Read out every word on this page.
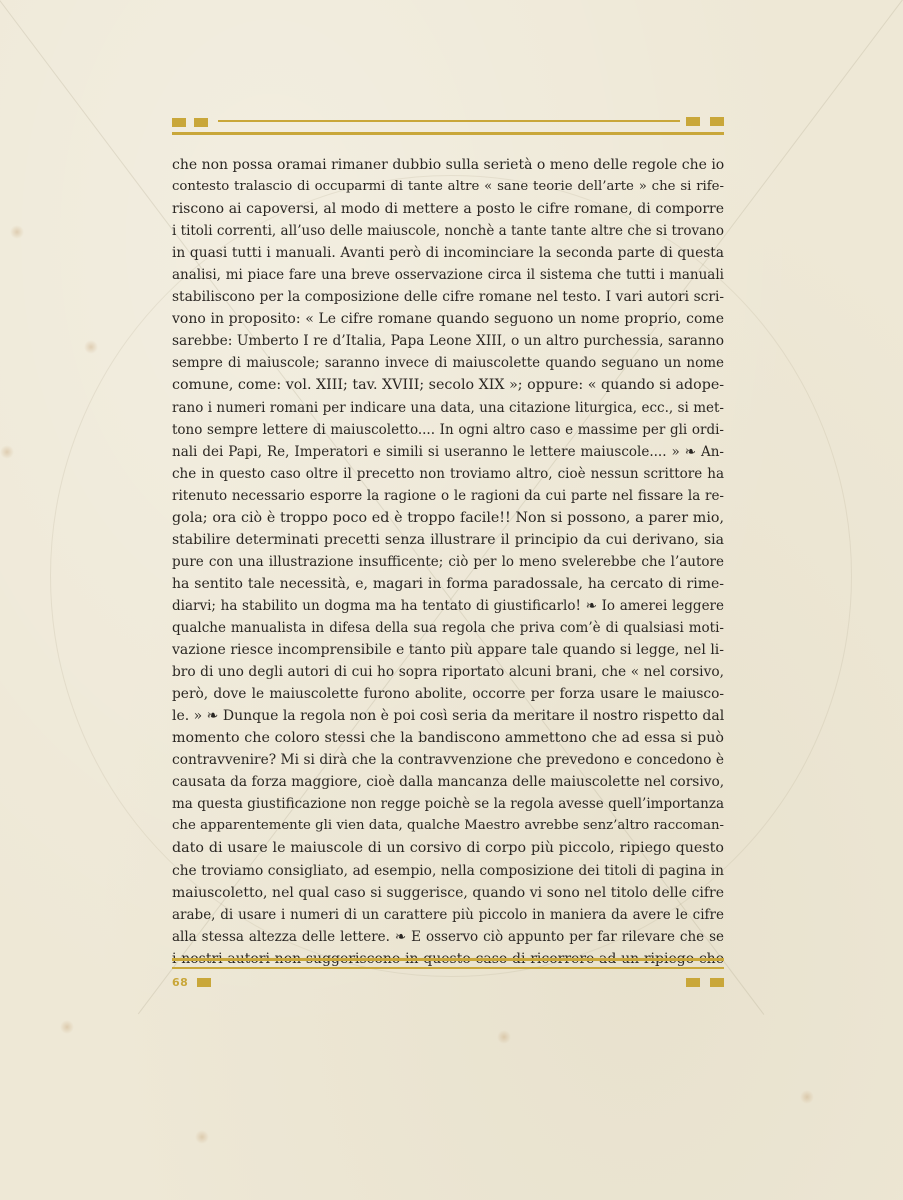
che non possa oramai rimaner dubbio sulla serietà o meno delle regole che io
contesto tralascio di occuparmi di tante altre « sane teorie dell’arte » che si rife-
riscono ai capoversi, al modo di mettere a posto le cifre romane, di comporre
i titoli correnti, all’uso delle maiuscole, nonchè a tante tante altre che si trovano
in quasi tutti i manuali. Avanti però di incominciare la seconda parte di questa
analisi, mi piace fare una breve osservazione circa il sistema che tutti i manuali
stabiliscono per la composizione delle cifre romane nel testo. I vari autori scri-
vono in proposito: « Le cifre romane quando seguono un nome proprio, come
sarebbe: Umberto I re d’Italia, Papa Leone XIII, o un altro purchessia, saranno
sempre di maiuscole; saranno invece di maiuscolette quando seguano un nome
comune, come: vol. XIII; tav. XVIII; secolo XIX »; oppure: « quando si adope-
rano i numeri romani per indicare una data, una citazione liturgica, ecc., si met-
tono sempre lettere di maiuscoletto.... In ogni altro caso e massime per gli ordi-
nali dei Papi, Re, Imperatori e simili si useranno le lettere maiuscole.... » ❧ An-
che in questo caso oltre il precetto non troviamo altro, cioè nessun scrittore ha
ritenuto necessario esporre la ragione o le ragioni da cui parte nel fissare la re-
gola; ora ciò è troppo poco ed è troppo facile!! Non si possono, a parer mio,
stabilire determinati precetti senza illustrare il principio da cui derivano, sia
pure con una illustrazione insufficente; ciò per lo meno svelerebbe che l’autore
ha sentito tale necessità, e, magari in forma paradossale, ha cercato di rime-
diarvi; ha stabilito un dogma ma ha tentato di giustificarlo! ❧ Io amerei leggere
qualche manualista in difesa della sua regola che priva com’è di qualsiasi moti-
vazione riesce incomprensibile e tanto più appare tale quando si legge, nel li-
bro di uno degli autori di cui ho sopra riportato alcuni brani, che « nel corsivo,
però, dove le maiuscolette furono abolite, occorre per forza usare le maiusco-
le. » ❧ Dunque la regola non è poi così seria da meritare il nostro rispetto dal
momento che coloro stessi che la bandiscono ammettono che ad essa si può
contravvenire? Mi si dirà che la contravvenzione che prevedono e concedono è
causata da forza maggiore, cioè dalla mancanza delle maiuscolette nel corsivo,
ma questa giustificazione non regge poichè se la regola avesse quell’importanza
che apparentemente gli vien data, qualche Maestro avrebbe senz’altro raccoman-
dato di usare le maiuscole di un corsivo di corpo più piccolo, ripiego questo
che troviamo consigliato, ad esempio, nella composizione dei titoli di pagina in
maiuscoletto, nel qual caso si suggerisce, quando vi sono nel titolo delle cifre
arabe, di usare i numeri di un carattere più piccolo in maniera da avere le cifre
alla stessa altezza delle lettere. ❧ E osservo ciò appunto per far rilevare che se
68
